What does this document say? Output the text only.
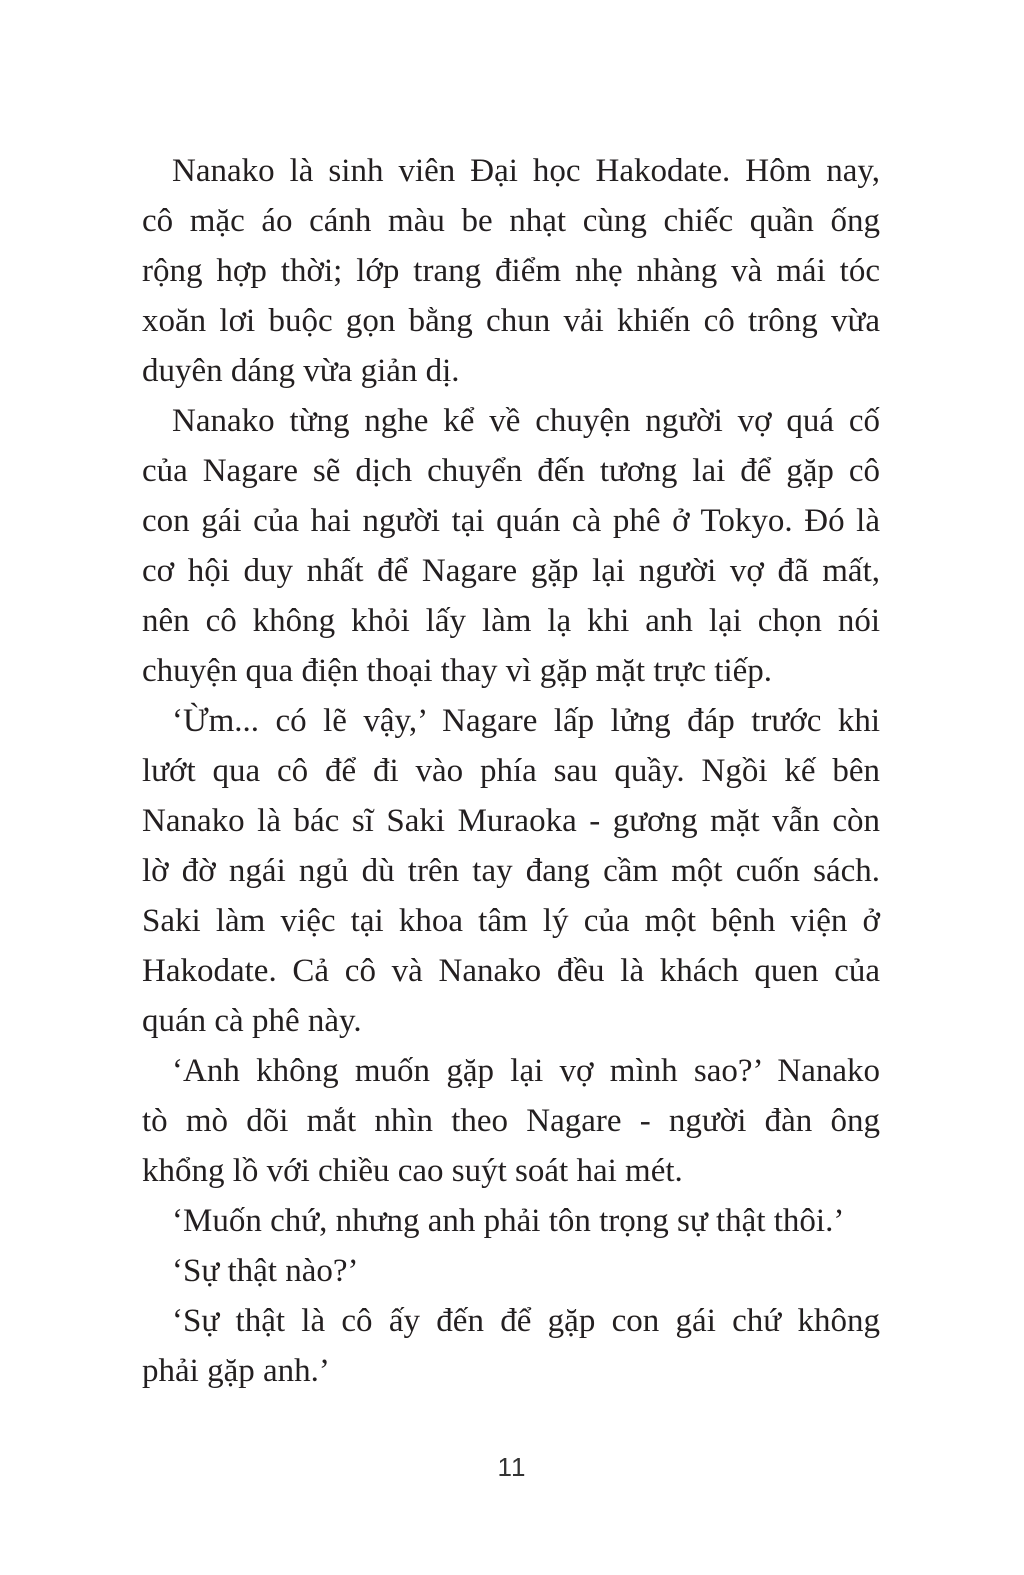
Nanako là sinh viên Đại học Hakodate. Hôm nay,
cô mặc áo cánh màu be nhạt cùng chiếc quần ống
rộng hợp thời; lớp trang điểm nhẹ nhàng và mái tóc
xoăn lơi buộc gọn bằng chun vải khiến cô trông vừa
duyên dáng vừa giản dị.
Nanako từng nghe kể về chuyện người vợ quá cố
của Nagare sẽ dịch chuyển đến tương lai để gặp cô
con gái của hai người tại quán cà phê ở Tokyo. Đó là
cơ hội duy nhất để Nagare gặp lại người vợ đã mất,
nên cô không khỏi lấy làm lạ khi anh lại chọn nói
chuyện qua điện thoại thay vì gặp mặt trực tiếp.
‘Ừm... có lẽ vậy,’ Nagare lấp lửng đáp trước khi
lướt qua cô để đi vào phía sau quầy. Ngồi kế bên
Nanako là bác sĩ Saki Muraoka - gương mặt vẫn còn
lờ đờ ngái ngủ dù trên tay đang cầm một cuốn sách.
Saki làm việc tại khoa tâm lý của một bệnh viện ở
Hakodate. Cả cô và Nanako đều là khách quen của
quán cà phê này.
‘Anh không muốn gặp lại vợ mình sao?’ Nanako
tò mò dõi mắt nhìn theo Nagare - người đàn ông
khổng lồ với chiều cao suýt soát hai mét.
‘Muốn chứ, nhưng anh phải tôn trọng sự thật thôi.’
‘Sự thật nào?’
‘Sự thật là cô ấy đến để gặp con gái chứ không
phải gặp anh.’
11
